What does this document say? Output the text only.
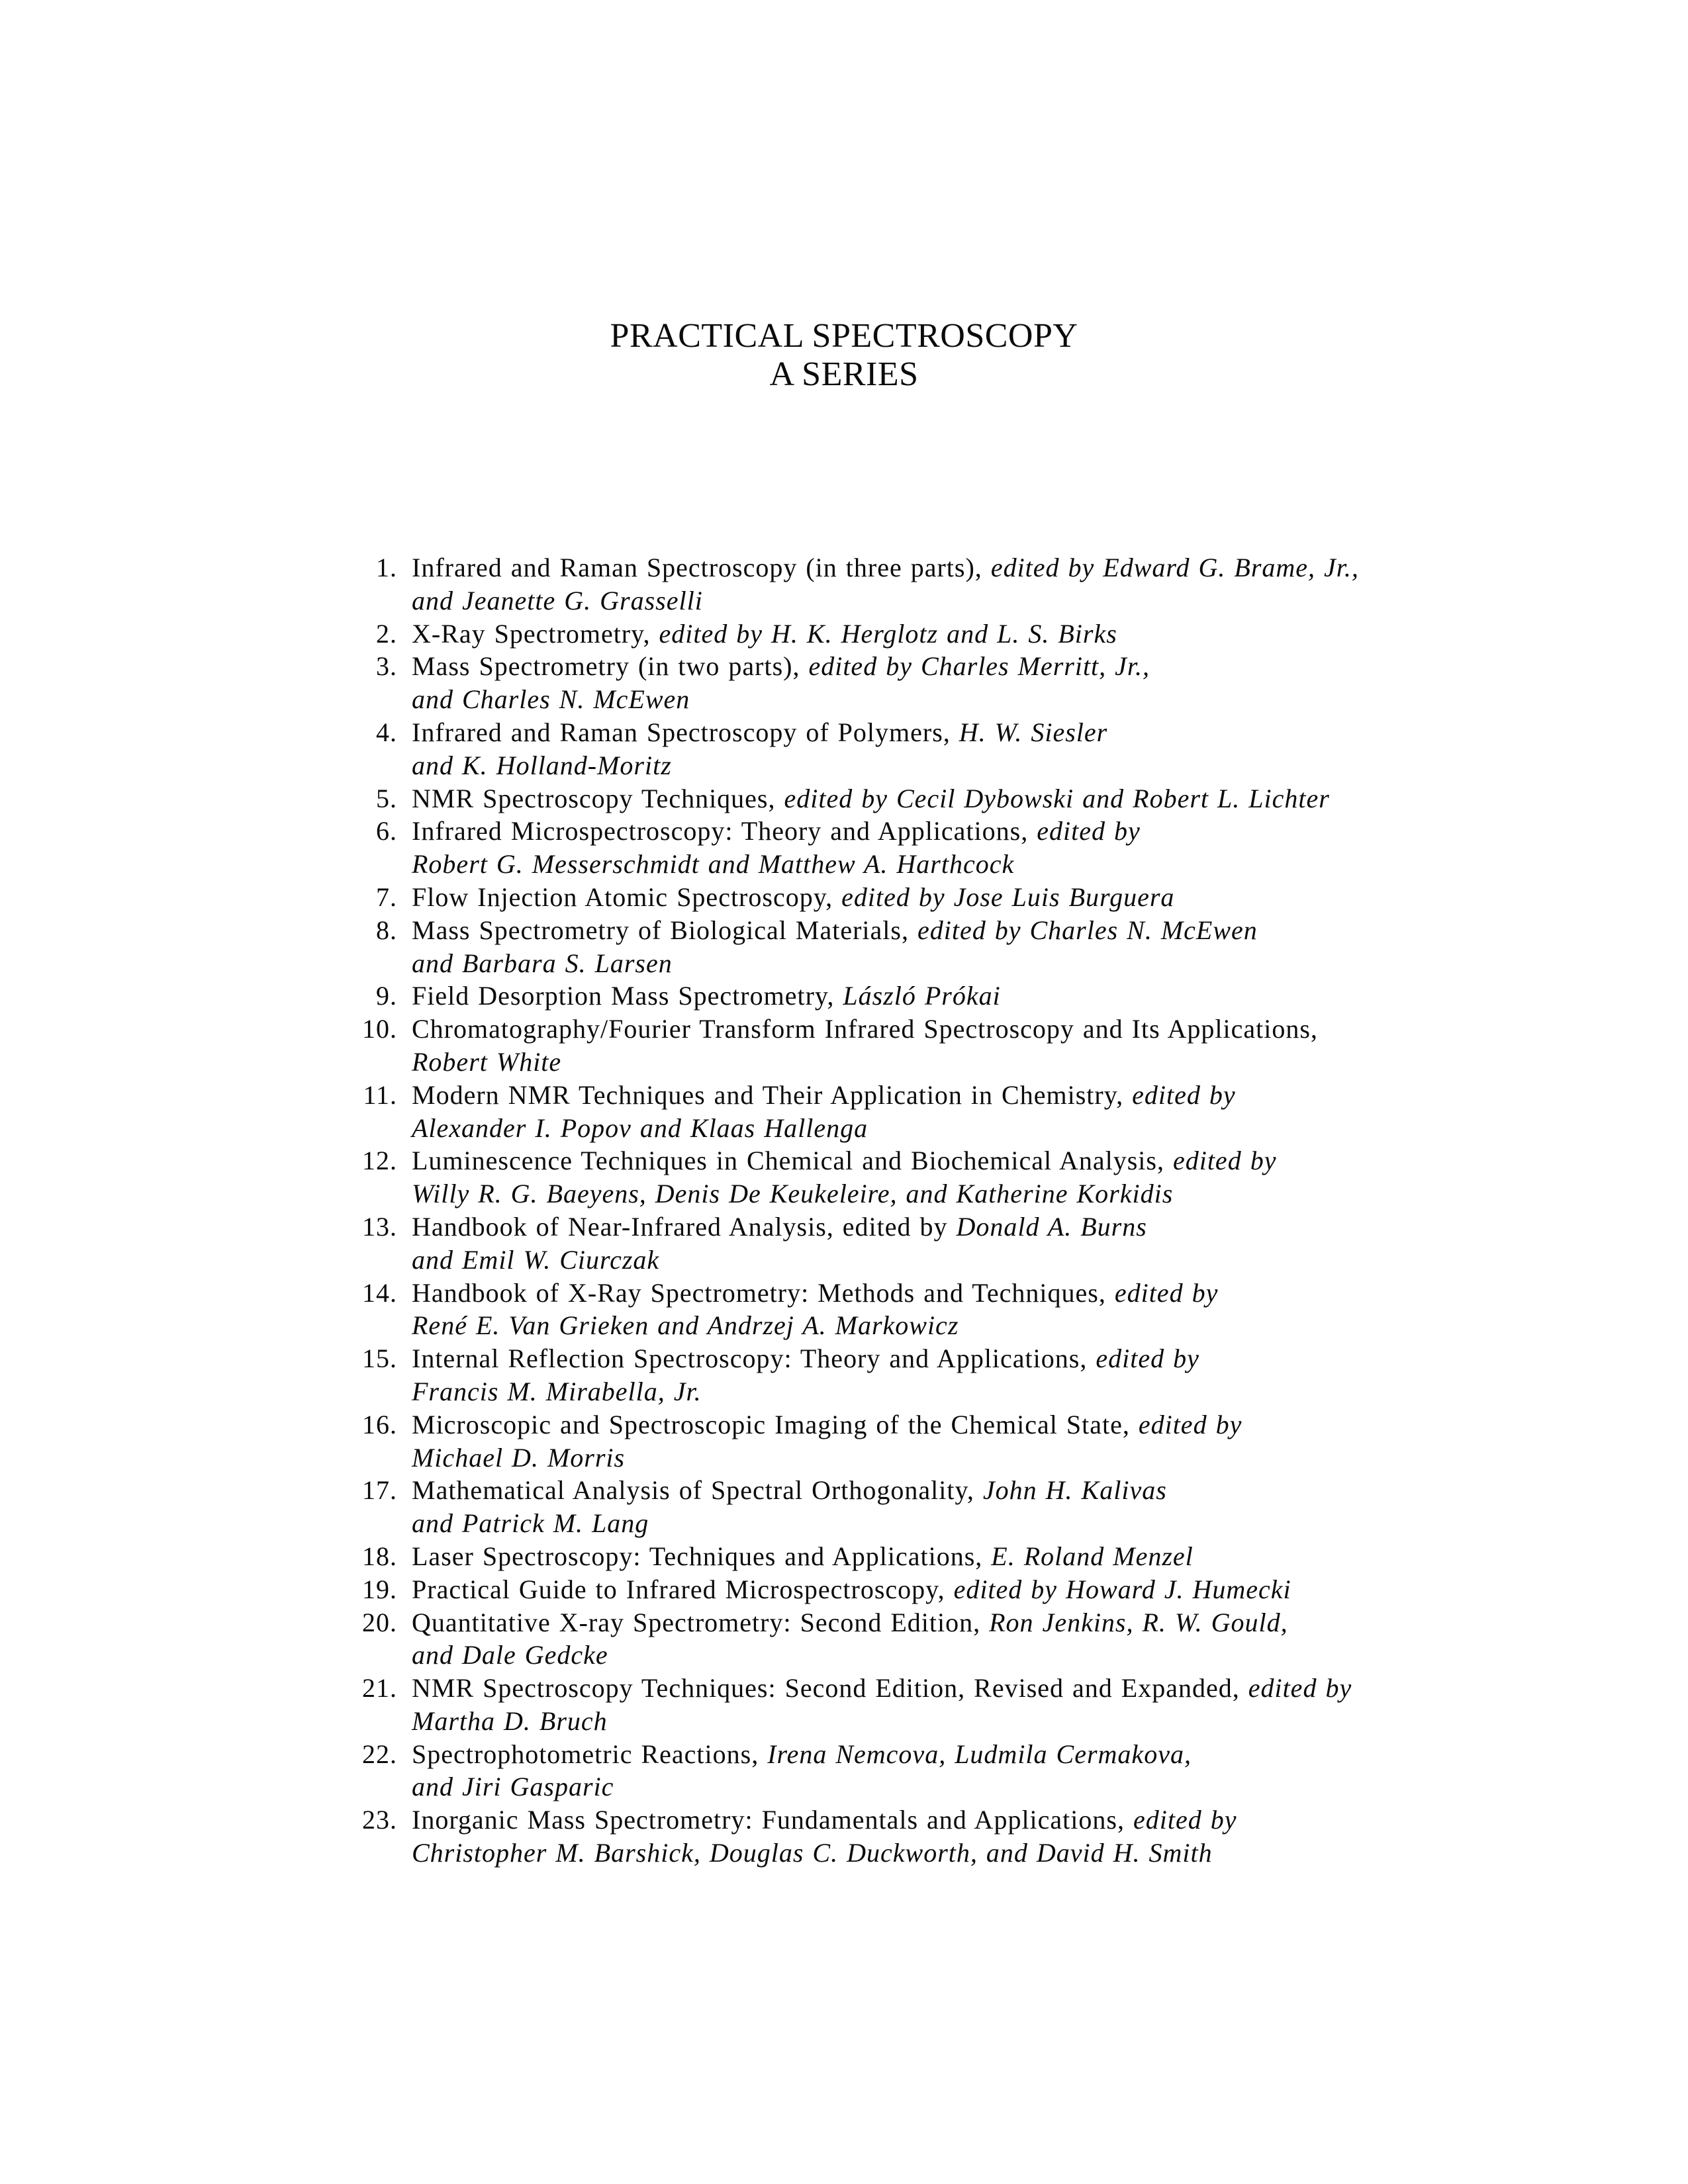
PRACTICAL SPECTROSCOPY
A SERIES
1. Infrared and Raman Spectroscopy (in three parts), edited by Edward G. Brame, Jr.,
and Jeanette G. Grasselli
2. X-Ray Spectrometry, edited by H. K. Herglotz and L. S. Birks
3. Mass Spectrometry (in two parts), edited by Charles Merritt, Jr.,
and Charles N. McEwen
4. Infrared and Raman Spectroscopy of Polymers, H. W. Siesler
and K. Holland-Moritz
5. NMR Spectroscopy Techniques, edited by Cecil Dybowski and Robert L. Lichter
6. Infrared Microspectroscopy: Theory and Applications, edited by
Robert G. Messerschmidt and Matthew A. Harthcock
7. Flow Injection Atomic Spectroscopy, edited by Jose Luis Burguera
8. Mass Spectrometry of Biological Materials, edited by Charles N. McEwen
and Barbara S. Larsen
9. Field Desorption Mass Spectrometry, László Prókai
10. Chromatography/Fourier Transform Infrared Spectroscopy and Its Applications,
Robert White
11. Modern NMR Techniques and Their Application in Chemistry, edited by
Alexander I. Popov and Klaas Hallenga
12. Luminescence Techniques in Chemical and Biochemical Analysis, edited by
Willy R. G. Baeyens, Denis De Keukeleire, and Katherine Korkidis
13. Handbook of Near-Infrared Analysis, edited by Donald A. Burns
and Emil W. Ciurczak
14. Handbook of X-Ray Spectrometry: Methods and Techniques, edited by
René E. Van Grieken and Andrzej A. Markowicz
15. Internal Reflection Spectroscopy: Theory and Applications, edited by
Francis M. Mirabella, Jr.
16. Microscopic and Spectroscopic Imaging of the Chemical State, edited by
Michael D. Morris
17. Mathematical Analysis of Spectral Orthogonality, John H. Kalivas
and Patrick M. Lang
18. Laser Spectroscopy: Techniques and Applications, E. Roland Menzel
19. Practical Guide to Infrared Microspectroscopy, edited by Howard J. Humecki
20. Quantitative X-ray Spectrometry: Second Edition, Ron Jenkins, R. W. Gould,
and Dale Gedcke
21. NMR Spectroscopy Techniques: Second Edition, Revised and Expanded, edited by
Martha D. Bruch
22. Spectrophotometric Reactions, Irena Nemcova, Ludmila Cermakova,
and Jiri Gasparic
23. Inorganic Mass Spectrometry: Fundamentals and Applications, edited by
Christopher M. Barshick, Douglas C. Duckworth, and David H. Smith
